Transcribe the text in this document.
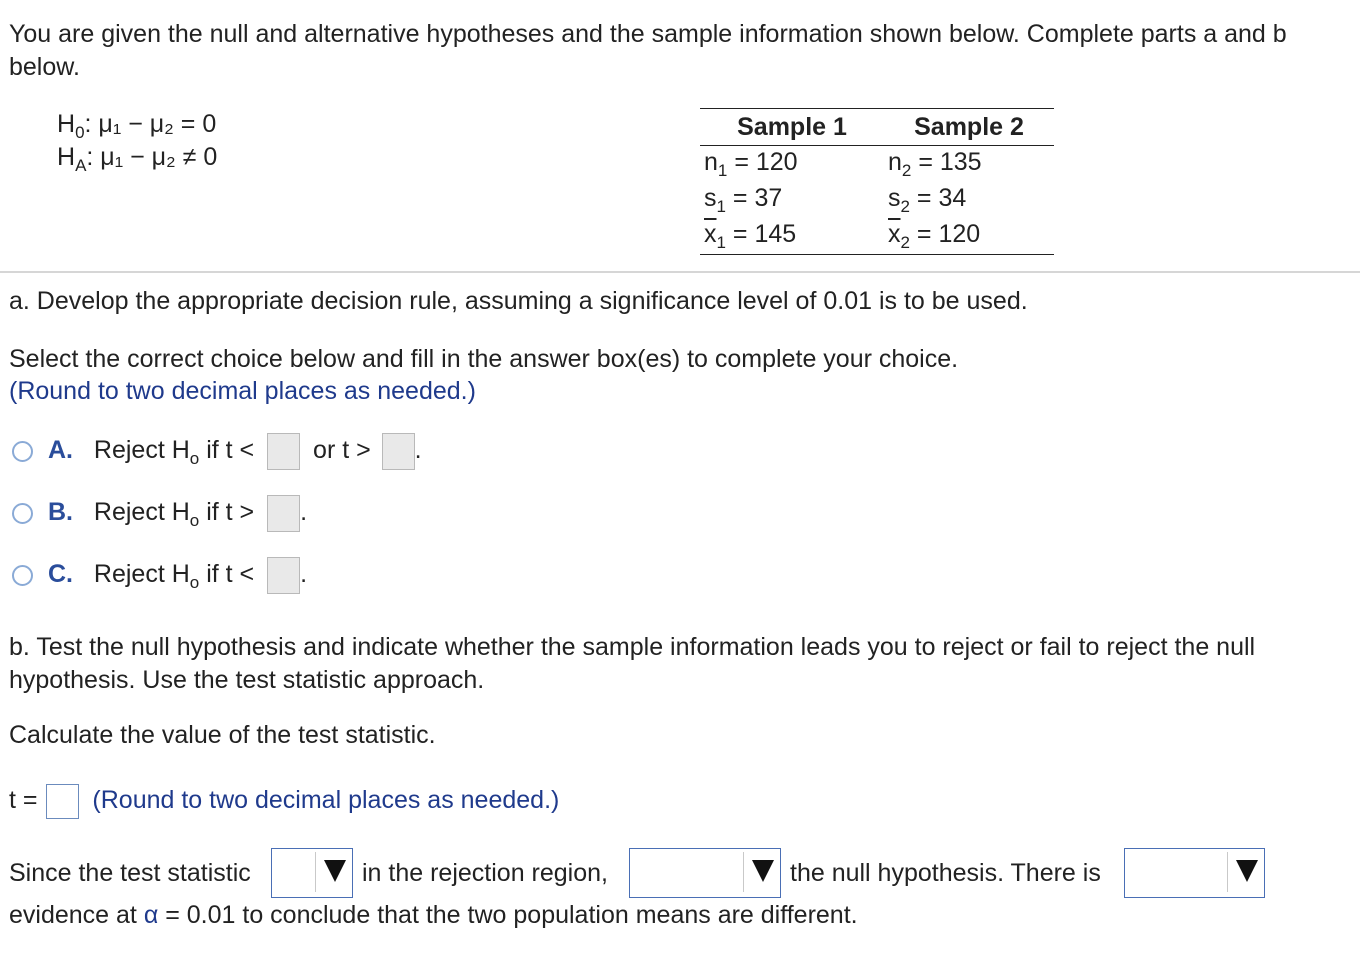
You are given the null and alternative hypotheses and the sample information shown below. Complete parts a and b below.
$H_0$: μ₁ − μ₂ = 0
$H_A$: μ₁ − μ₂ ≠ 0
Sample 1	Sample 2
$n_1 = 120$	$n_2 = 135$
$s_1 = 37$	$s_2 = 34$
$\overline{x}_1 = 145$	$\overline{x}_2 = 120$
a. Develop the appropriate decision rule, assuming a significance level of 0.01 is to be used.
Select the correct choice below and fill in the answer box(es) to complete your choice.
(Round to two decimal places as needed.)
A. Reject $H_o$ if t < or t > .
B. Reject $H_o$ if t > .
C. Reject $H_o$ if t < .
b. Test the null hypothesis and indicate whether the sample information leads you to reject or fail to reject the null hypothesis. Use the test statistic approach.
Calculate the value of the test statistic.
t = (Round to two decimal places as needed.)
Since the test statistic	in the rejection region,	the null hypothesis. There is
evidence at α = 0.01 to conclude that the two population means are different.
